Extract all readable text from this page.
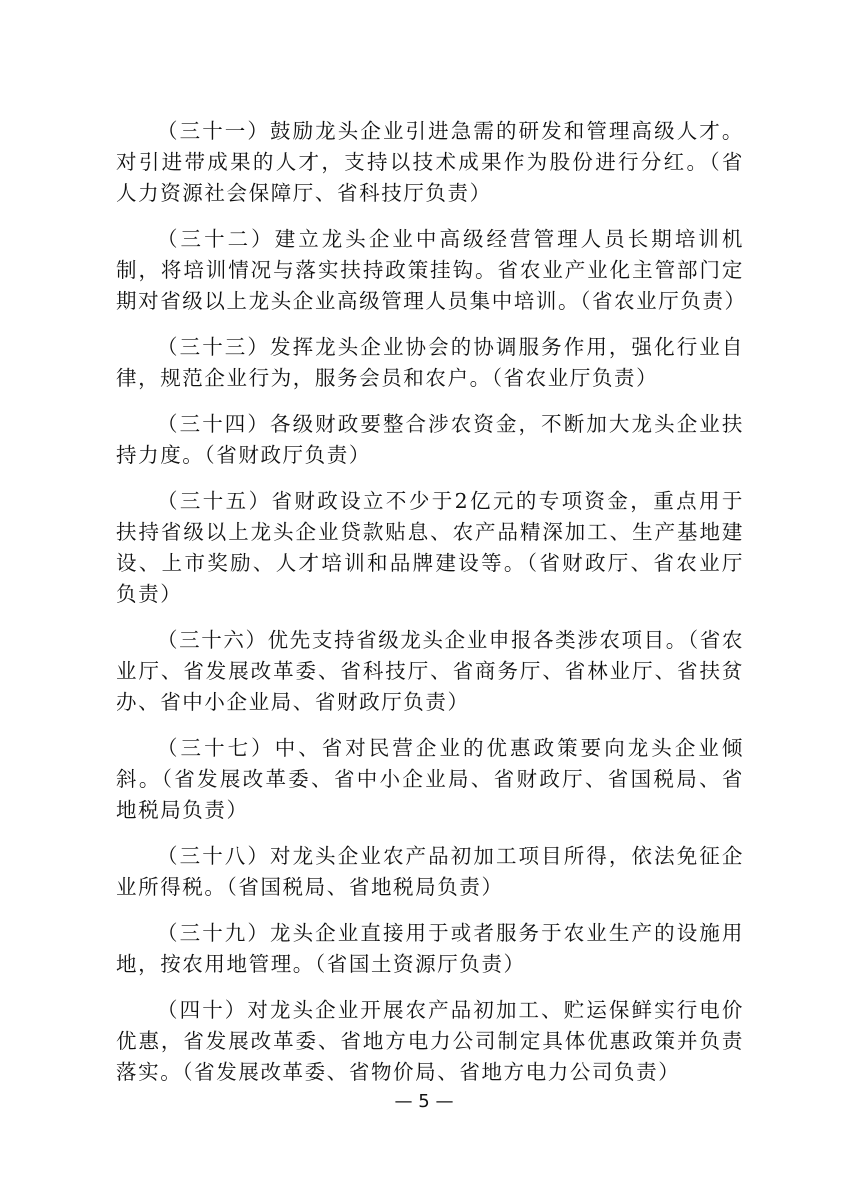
（三十一）鼓励龙头企业引进急需的研发和管理高级人才。对引进带成果的人才，支持以技术成果作为股份进行分红。（省人力资源社会保障厅、省科技厅负责）

（三十二）建立龙头企业中高级经营管理人员长期培训机制，将培训情况与落实扶持政策挂钩。省农业产业化主管部门定期对省级以上龙头企业高级管理人员集中培训。（省农业厅负责）

（三十三）发挥龙头企业协会的协调服务作用，强化行业自律，规范企业行为，服务会员和农户。（省农业厅负责）

（三十四）各级财政要整合涉农资金，不断加大龙头企业扶持力度。（省财政厅负责）

（三十五）省财政设立不少于2亿元的专项资金，重点用于扶持省级以上龙头企业贷款贴息、农产品精深加工、生产基地建设、上市奖励、人才培训和品牌建设等。（省财政厅、省农业厅负责）

（三十六）优先支持省级龙头企业申报各类涉农项目。（省农业厅、省发展改革委、省科技厅、省商务厅、省林业厅、省扶贫办、省中小企业局、省财政厅负责）

（三十七）中、省对民营企业的优惠政策要向龙头企业倾斜。（省发展改革委、省中小企业局、省财政厅、省国税局、省地税局负责）

（三十八）对龙头企业农产品初加工项目所得，依法免征企业所得税。（省国税局、省地税局负责）

（三十九）龙头企业直接用于或者服务于农业生产的设施用地，按农用地管理。（省国土资源厅负责）

（四十）对龙头企业开展农产品初加工、贮运保鲜实行电价优惠，省发展改革委、省地方电力公司制定具体优惠政策并负责落实。（省发展改革委、省物价局、省地方电力公司负责）

— 5 —
